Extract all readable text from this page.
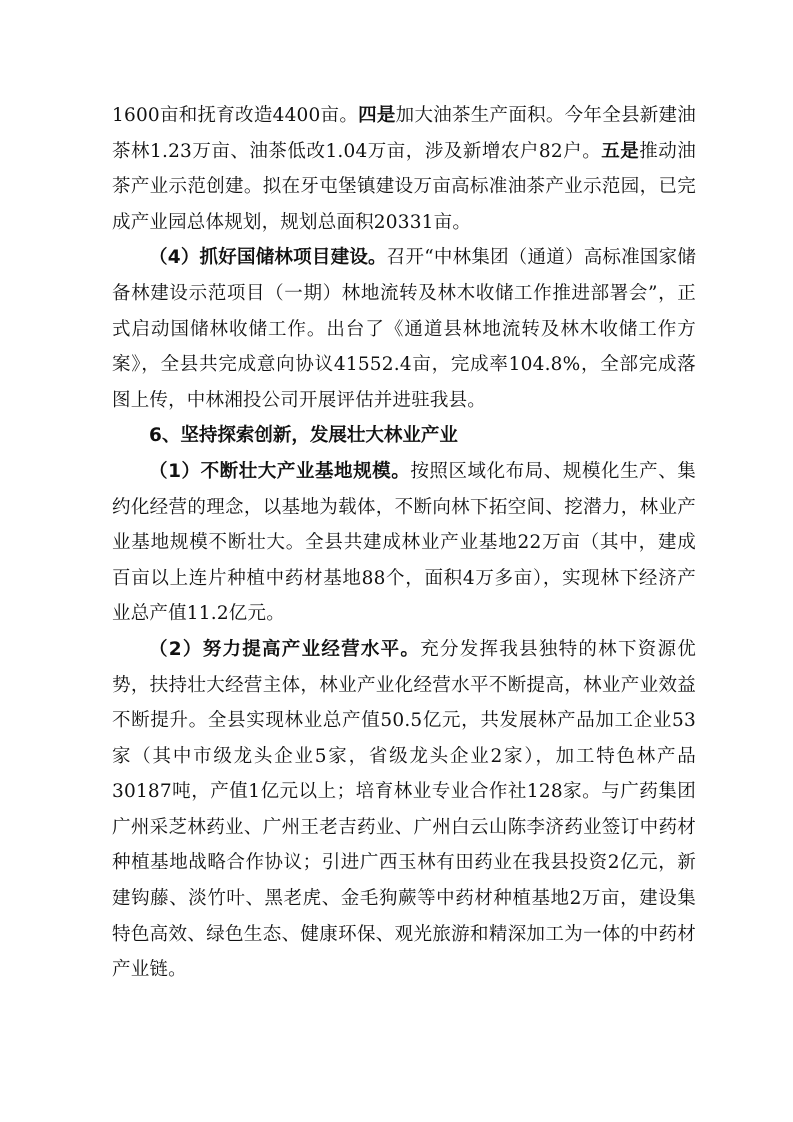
1600亩和抚育改造4400亩。四是加大油茶生产面积。今年全县新建油茶林1.23万亩、油茶低改1.04万亩，涉及新增农户82户。五是推动油茶产业示范创建。拟在牙屯堡镇建设万亩高标准油茶产业示范园，已完成产业园总体规划，规划总面积20331亩。

（4）抓好国储林项目建设。召开“中林集团（通道）高标准国家储备林建设示范项目（一期）林地流转及林木收储工作推进部署会”，正式启动国储林收储工作。出台了《通道县林地流转及林木收储工作方案》，全县共完成意向协议41552.4亩，完成率104.8%，全部完成落图上传，中林湘投公司开展评估并进驻我县。

6、坚持探索创新，发展壮大林业产业

（1）不断壮大产业基地规模。按照区域化布局、规模化生产、集约化经营的理念，以基地为载体，不断向林下拓空间、挖潜力，林业产业基地规模不断壮大。全县共建成林业产业基地22万亩（其中，建成百亩以上连片种植中药材基地88个，面积4万多亩），实现林下经济产业总产值11.2亿元。

（2）努力提高产业经营水平。充分发挥我县独特的林下资源优势，扶持壮大经营主体，林业产业化经营水平不断提高，林业产业效益不断提升。全县实现林业总产值50.5亿元，共发展林产品加工企业53家（其中市级龙头企业5家，省级龙头企业2家），加工特色林产品30187吨，产值1亿元以上；培育林业专业合作社128家。与广药集团广州采芝林药业、广州王老吉药业、广州白云山陈李济药业签订中药材种植基地战略合作协议；引进广西玉林有田药业在我县投资2亿元，新建钩藤、淡竹叶、黑老虎、金毛狗蕨等中药材种植基地2万亩，建设集特色高效、绿色生态、健康环保、观光旅游和精深加工为一体的中药材产业链。
